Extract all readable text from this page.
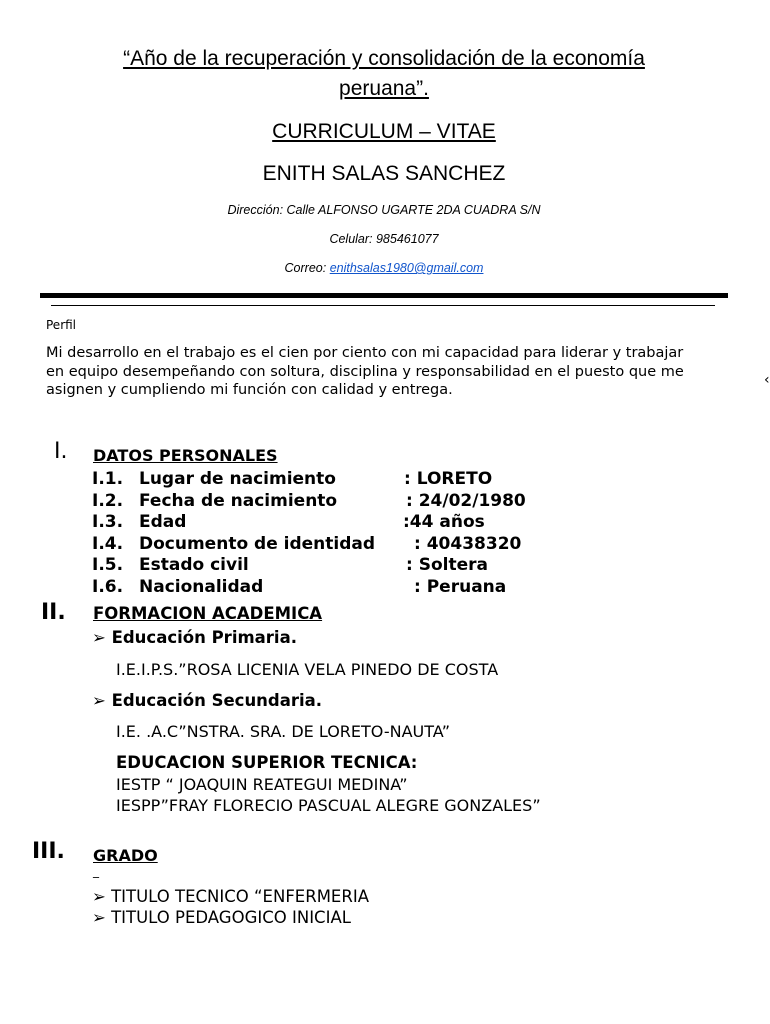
“Año de la recuperación y consolidación de la economía
peruana”.
CURRICULUM – VITAE
ENITH SALAS SANCHEZ
Dirección: Calle ALFONSO UGARTE 2DA CUADRA S/N
Celular: 985461077
Correo: enithsalas1980@gmail.com
Perfil
Mi desarrollo en el trabajo es el cien por ciento con mi capacidad para liderar y trabajar en equipo desempeñando con soltura, disciplina y responsabilidad en el puesto que me asignen y cumpliendo mi función con calidad y entrega.
‹
I. DATOS PERSONALES
I.1. Lugar de nacimiento	: LORETO
I.2. Fecha de nacimiento	: 24/02/1980
I.3. Edad	:44 años
I.4. Documento de identidad : 40438320
I.5. Estado civil	: Soltera
I.6. Nacionalidad	: Peruana
II. FORMACION ACADEMICA
➢ Educación Primaria.
I.E.I.P.S.”ROSA LICENIA VELA PINEDO DE COSTA
➢ Educación Secundaria.
I.E. .A.C”NSTRA. SRA. DE LORETO-NAUTA”
EDUCACION SUPERIOR TECNICA:
IESTP “ JOAQUIN REATEGUI MEDINA”
IESPP”FRAY FLORECIO PASCUAL ALEGRE GONZALES”
III. GRADO
_
➢ TITULO TECNICO “ENFERMERIA
➢ TITULO PEDAGOGICO INICIAL
